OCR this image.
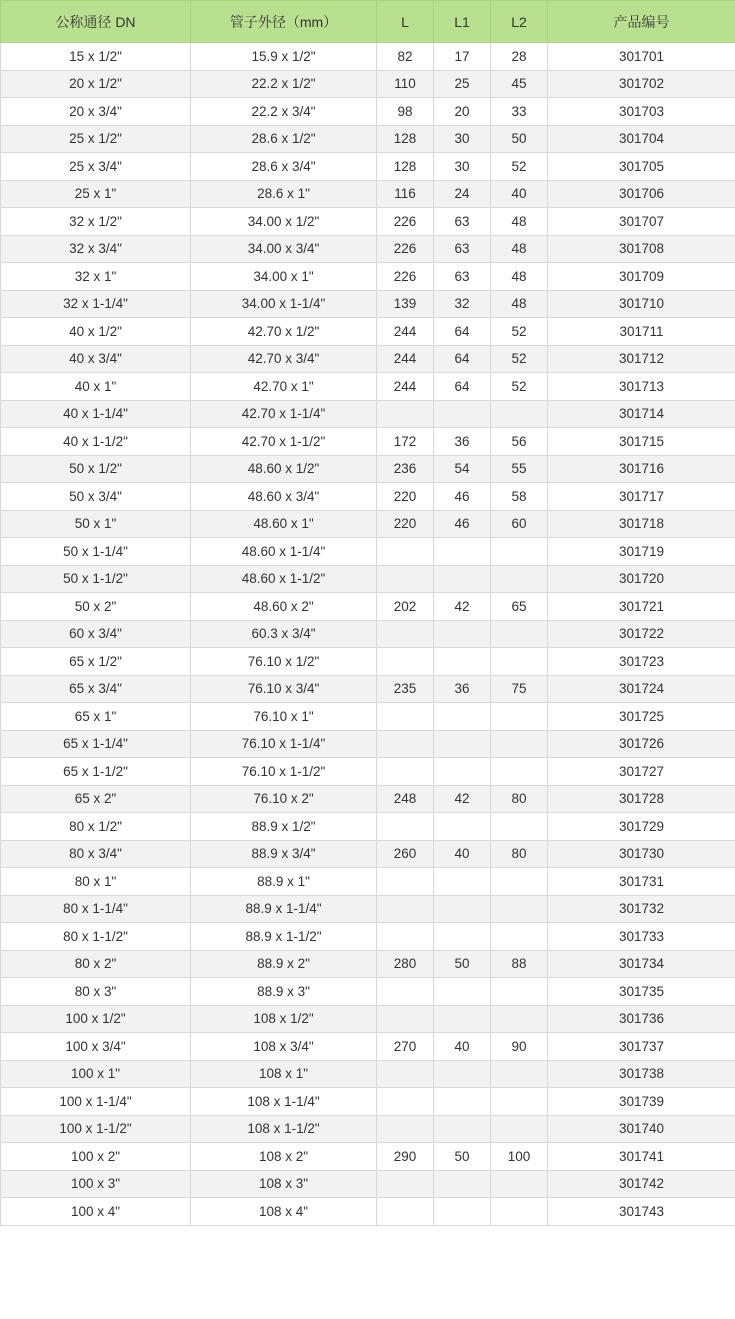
公称通径 DN	管子外径（mm）	L	L1	L2	产品编号
15 x 1/2"	15.9 x 1/2"	82	17	28	301701
20 x 1/2"	22.2 x 1/2"	110	25	45	301702
20 x 3/4"	22.2 x 3/4"	98	20	33	301703
25 x 1/2"	28.6 x 1/2"	128	30	50	301704
25 x 3/4"	28.6 x 3/4"	128	30	52	301705
25 x 1"	28.6 x 1"	116	24	40	301706
32 x 1/2"	34.00 x 1/2"	226	63	48	301707
32 x 3/4"	34.00 x 3/4"	226	63	48	301708
32 x 1"	34.00 x 1"	226	63	48	301709
32 x 1-1/4"	34.00 x 1-1/4"	139	32	48	301710
40 x 1/2"	42.70 x 1/2"	244	64	52	301711
40 x 3/4"	42.70 x 3/4"	244	64	52	301712
40 x 1"	42.70 x 1"	244	64	52	301713
40 x 1-1/4"	42.70 x 1-1/4"				301714
40 x 1-1/2"	42.70 x 1-1/2"	172	36	56	301715
50 x 1/2"	48.60 x 1/2"	236	54	55	301716
50 x 3/4"	48.60 x 3/4"	220	46	58	301717
50 x 1"	48.60 x 1"	220	46	60	301718
50 x 1-1/4"	48.60 x 1-1/4"				301719
50 x 1-1/2"	48.60 x 1-1/2"				301720
50 x 2"	48.60 x 2"	202	42	65	301721
60 x 3/4"	60.3 x 3/4"				301722
65 x 1/2"	76.10 x 1/2"				301723
65 x 3/4"	76.10 x 3/4"	235	36	75	301724
65 x 1"	76.10 x 1"				301725
65 x 1-1/4"	76.10 x 1-1/4"				301726
65 x 1-1/2"	76.10 x 1-1/2"				301727
65 x 2"	76.10 x 2"	248	42	80	301728
80 x 1/2"	88.9 x 1/2"				301729
80 x 3/4"	88.9 x 3/4"	260	40	80	301730
80 x 1"	88.9 x 1"				301731
80 x 1-1/4"	88.9 x 1-1/4"				301732
80 x 1-1/2"	88.9 x 1-1/2"				301733
80 x 2"	88.9 x 2"	280	50	88	301734
80 x 3"	88.9 x 3"				301735
100 x 1/2"	108 x 1/2"				301736
100 x 3/4"	108 x 3/4"	270	40	90	301737
100 x 1"	108 x 1"				301738
100 x 1-1/4"	108 x 1-1/4"				301739
100 x 1-1/2"	108 x 1-1/2"				301740
100 x 2"	108 x 2"	290	50	100	301741
100 x 3"	108 x 3"				301742
100 x 4"	108 x 4"				301743
